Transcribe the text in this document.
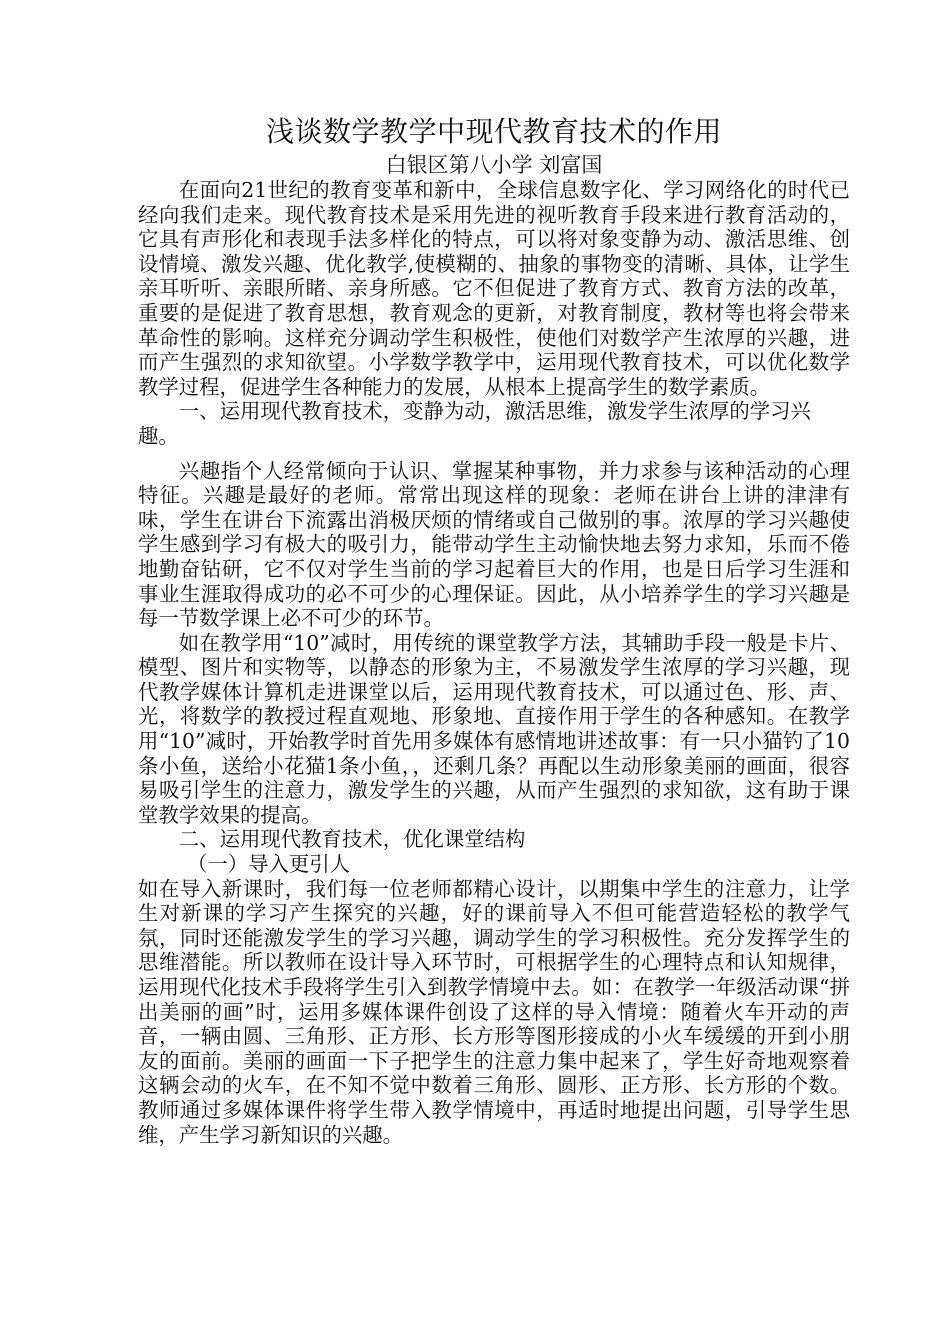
浅谈数学教学中现代教育技术的作用

白银区第八小学 刘富国

在面向21世纪的教育变革和新中，全球信息数字化、学习网络化的时代已经向我们走来。现代教育技术是采用先进的视听教育手段来进行教育活动的，它具有声形化和表现手法多样化的特点，可以将对象变静为动、激活思维、创设情境、激发兴趣、优化教学,使模糊的、抽象的事物变的清晰、具体，让学生亲耳听听、亲眼所睹、亲身所感。它不但促进了教育方式、教育方法的改革，重要的是促进了教育思想，教育观念的更新，对教育制度，教材等也将会带来革命性的影响。这样充分调动学生积极性，使他们对数学产生浓厚的兴趣，进而产生强烈的求知欲望。小学数学教学中，运用现代教育技术，可以优化数学教学过程，促进学生各种能力的发展，从根本上提高学生的数学素质。

一、运用现代教育技术，变静为动，激活思维，激发学生浓厚的学习兴趣。

兴趣指个人经常倾向于认识、掌握某种事物，并力求参与该种活动的心理特征。兴趣是最好的老师。常常出现这样的现象：老师在讲台上讲的津津有味，学生在讲台下流露出消极厌烦的情绪或自己做别的事。浓厚的学习兴趣使学生感到学习有极大的吸引力，能带动学生主动愉快地去努力求知，乐而不倦地勤奋钻研，它不仅对学生当前的学习起着巨大的作用，也是日后学习生涯和事业生涯取得成功的必不可少的心理保证。因此，从小培养学生的学习兴趣是每一节数学课上必不可少的环节。

如在教学用“10”减时，用传统的课堂教学方法，其辅助手段一般是卡片、模型、图片和实物等，以静态的形象为主，不易激发学生浓厚的学习兴趣，现代教学媒体计算机走进课堂以后，运用现代教育技术，可以通过色、形、声、光，将数学的教授过程直观地、形象地、直接作用于学生的各种感知。在教学用“10”减时，开始教学时首先用多媒体有感情地讲述故事：有一只小猫钓了10条小鱼，送给小花猫1条小鱼，，还剩几条？再配以生动形象美丽的画面，很容易吸引学生的注意力，激发学生的兴趣，从而产生强烈的求知欲，这有助于课堂教学效果的提高。

二、运用现代教育技术，优化课堂结构

（一）导入更引人

如在导入新课时，我们每一位老师都精心设计，以期集中学生的注意力，让学生对新课的学习产生探究的兴趣，好的课前导入不但可能营造轻松的教学气氛，同时还能激发学生的学习兴趣，调动学生的学习积极性。充分发挥学生的思维潜能。所以教师在设计导入环节时，可根据学生的心理特点和认知规律，运用现代化技术手段将学生引入到教学情境中去。如：在教学一年级活动课“拼出美丽的画”时，运用多媒体课件创设了这样的导入情境：随着火车开动的声音，一辆由圆、三角形、正方形、长方形等图形接成的小火车缓缓的开到小朋友的面前。美丽的画面一下子把学生的注意力集中起来了，学生好奇地观察着这辆会动的火车，在不知不觉中数着三角形、圆形、正方形、长方形的个数。教师通过多媒体课件将学生带入教学情境中，再适时地提出问题，引导学生思维，产生学习新知识的兴趣。
